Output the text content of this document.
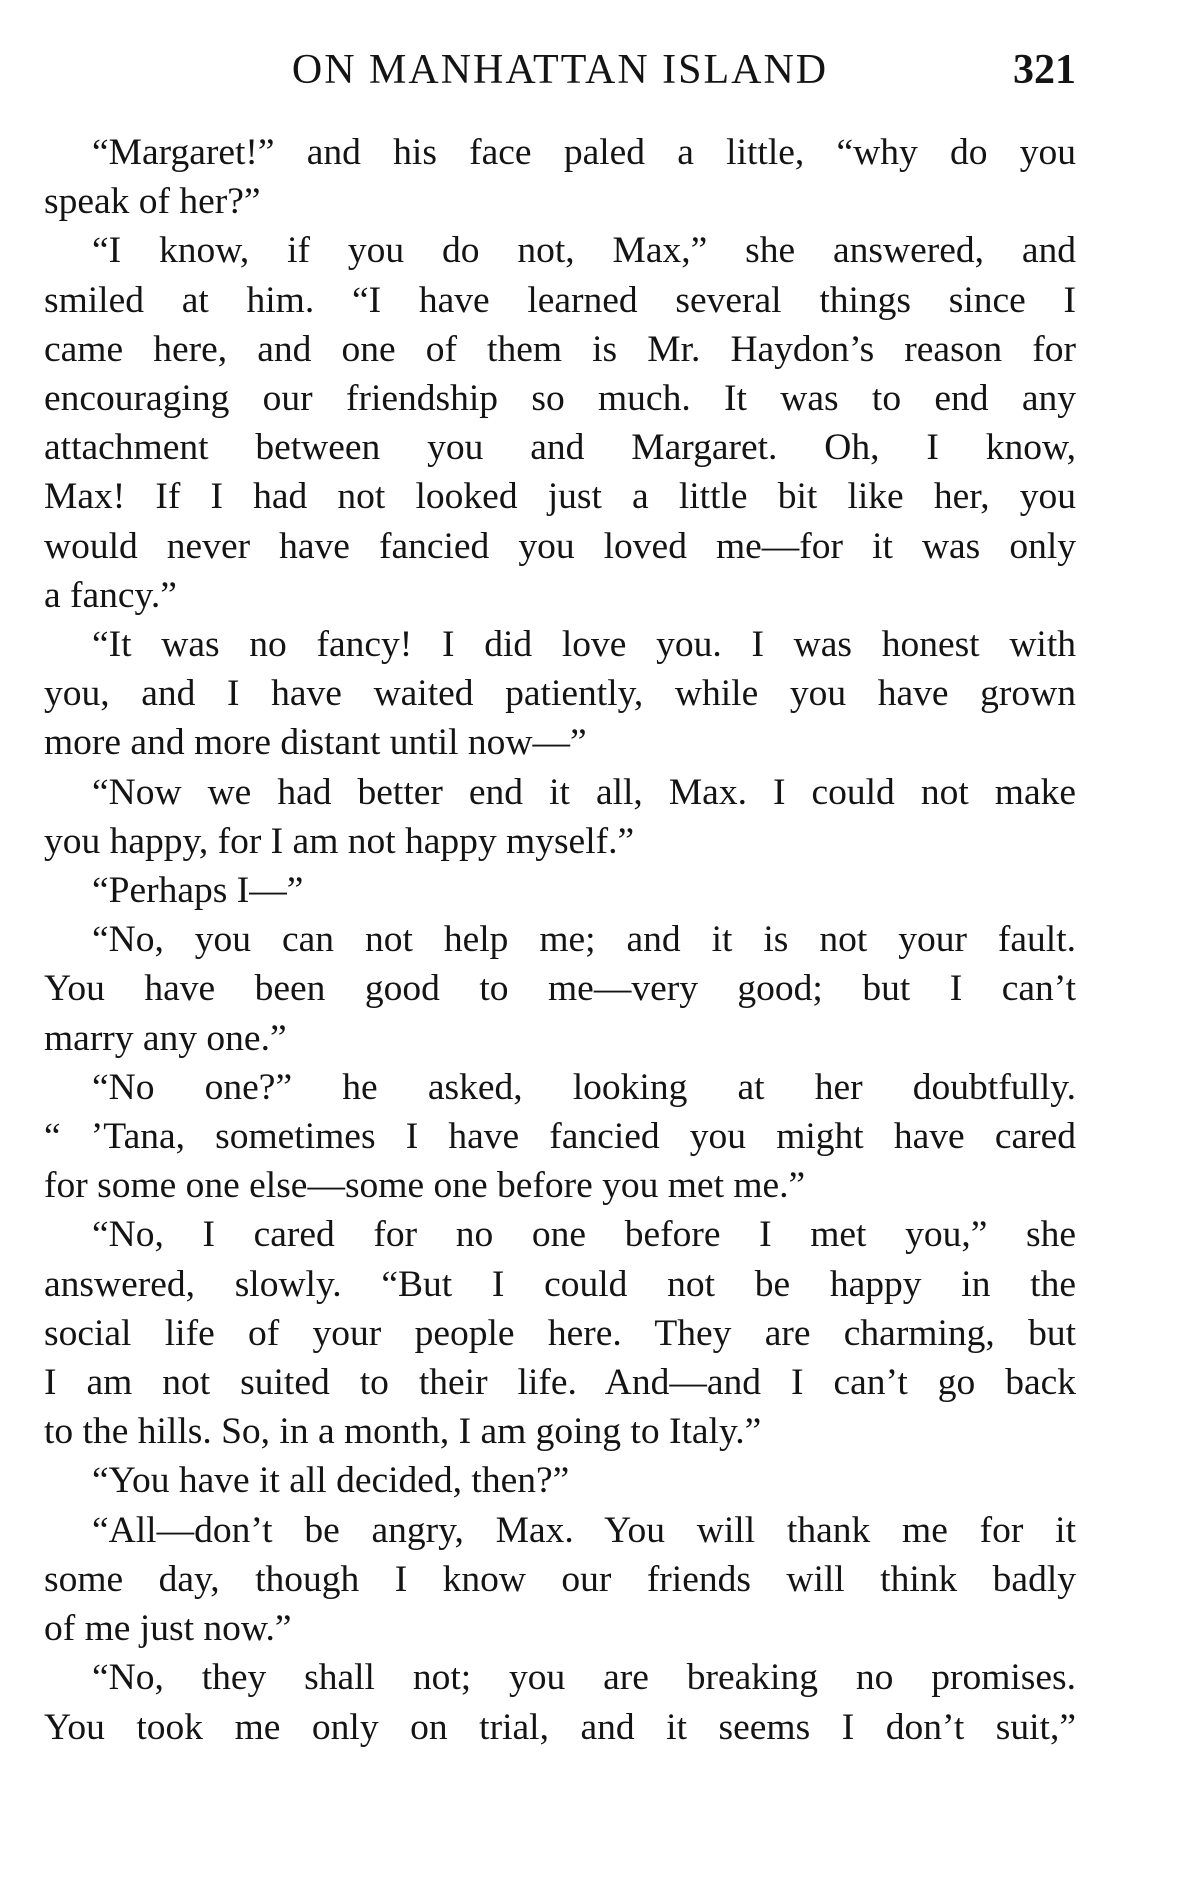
ON MANHATTAN ISLAND	321
“Margaret!” and his face paled a little, “why do you
speak of her?”
“I know, if you do not, Max,” she answered, and
smiled at him. “I have learned several things since I
came here, and one of them is Mr. Haydon’s reason for
encouraging our friendship so much. It was to end any
attachment between you and Margaret. Oh, I know,
Max! If I had not looked just a little bit like her, you
would never have fancied you loved me—for it was only
a fancy.”
“It was no fancy! I did love you. I was honest with
you, and I have waited patiently, while you have grown
more and more distant until now—”
“Now we had better end it all, Max. I could not make
you happy, for I am not happy myself.”
“Perhaps I—”
“No, you can not help me; and it is not your fault.
You have been good to me—very good; but I can’t
marry any one.”
“No one?” he asked, looking at her doubtfully.
“ ’Tana, sometimes I have fancied you might have cared
for some one else—some one before you met me.”
“No, I cared for no one before I met you,” she
answered, slowly. “But I could not be happy in the
social life of your people here. They are charming, but
I am not suited to their life. And—and I can’t go back
to the hills. So, in a month, I am going to Italy.”
“You have it all decided, then?”
“All—don’t be angry, Max. You will thank me for it
some day, though I know our friends will think badly
of me just now.”
“No, they shall not; you are breaking no promises.
You took me only on trial, and it seems I don’t suit,”
